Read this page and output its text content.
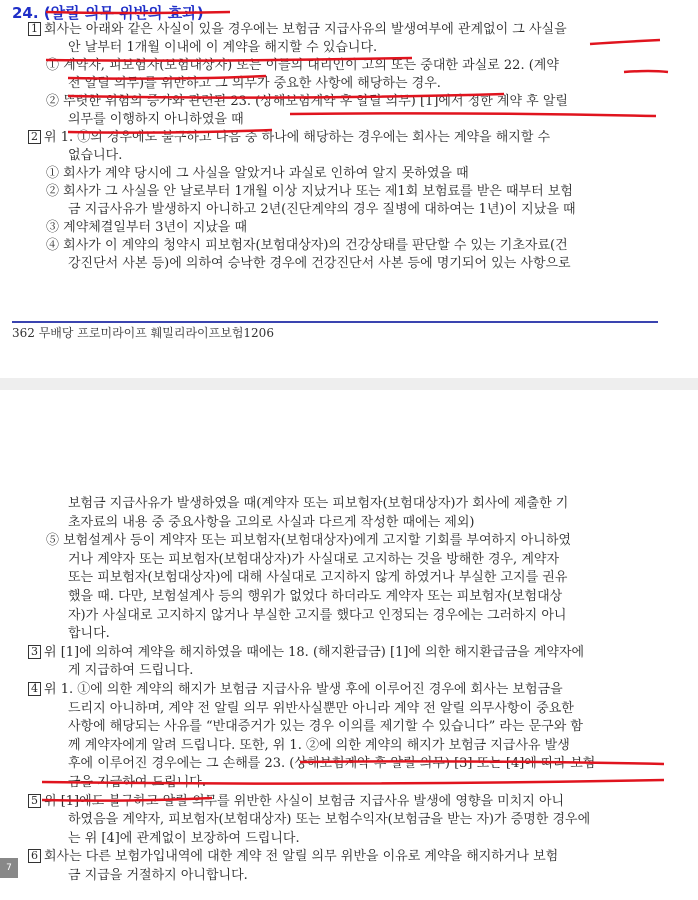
24. (알릴 의무 위반의 효과)
1 회사는 아래와 같은 사실이 있을 경우에는 보험금 지급사유의 발생여부에 관계없이 그 사실을
안 날부터 1개월 이내에 이 계약을 해지할 수 있습니다.
① 계약자, 피보험자(보험대상자) 또는 이들의 대리인이 고의 또는 중대한 과실로 22. (계약
전 알릴 의무)를 위반하고 그 의무가 중요한 사항에 해당하는 경우.
② 뚜렷한 위험의 증가와 관련된 23. (상해보험계약 후 알릴 의무) [1]에서 정한 계약 후 알릴
의무를 이행하지 아니하였을 때
2 위 1. ①의 경우에도 불구하고 다음 중 하나에 해당하는 경우에는 회사는 계약을 해지할 수
없습니다.
① 회사가 계약 당시에 그 사실을 알았거나 과실로 인하여 알지 못하였을 때
② 회사가 그 사실을 안 날로부터 1개월 이상 지났거나 또는 제1회 보험료를 받은 때부터 보험
금 지급사유가 발생하지 아니하고 2년(진단계약의 경우 질병에 대하여는 1년)이 지났을 때
③ 계약체결일부터 3년이 지났을 때
④ 회사가 이 계약의 청약시 피보험자(보험대상자)의 건강상태를 판단할 수 있는 기초자료(건
강진단서 사본 등)에 의하여 승낙한 경우에 건강진단서 사본 등에 명기되어 있는 사항으로
362 무배당 프로미라이프 훼밀리라이프보험1206
보험금 지급사유가 발생하였을 때(계약자 또는 피보험자(보험대상자)가 회사에 제출한 기
초자료의 내용 중 중요사항을 고의로 사실과 다르게 작성한 때에는 제외)
⑤ 보험설계사 등이 계약자 또는 피보험자(보험대상자)에게 고지할 기회를 부여하지 아니하였
거나 계약자 또는 피보험자(보험대상자)가 사실대로 고지하는 것을 방해한 경우, 계약자
또는 피보험자(보험대상자)에 대해 사실대로 고지하지 않게 하였거나 부실한 고지를 권유
했을 때. 다만, 보험설계사 등의 행위가 없었다 하더라도 계약자 또는 피보험자(보험대상
자)가 사실대로 고지하지 않거나 부실한 고지를 했다고 인정되는 경우에는 그러하지 아니
합니다.
3 위 [1]에 의하여 계약을 해지하였을 때에는 18. (해지환급금) [1]에 의한 해지환급금을 계약자에
게 지급하여 드립니다.
4 위 1. ①에 의한 계약의 해지가 보험금 지급사유 발생 후에 이루어진 경우에 회사는 보험금을
드리지 아니하며, 계약 전 알릴 의무 위반사실뿐만 아니라 계약 전 알릴 의무사항이 중요한
사항에 해당되는 사유를 “반대증거가 있는 경우 이의를 제기할 수 있습니다” 라는 문구와 함
께 계약자에게 알려 드립니다. 또한, 위 1. ②에 의한 계약의 해지가 보험금 지급사유 발생
후에 이루어진 경우에는 그 손해를 23. (상해보험계약 후 알릴 의무) [3] 또는 [4]에 따라 보험
금을 지급하여 드립니다.
5 위 [1]에도 불구하고 알릴 의무를 위반한 사실이 보험금 지급사유 발생에 영향을 미치지 아니
하였음을 계약자, 피보험자(보험대상자) 또는 보험수익자(보험금을 받는 자)가 증명한 경우에
는 위 [4]에 관계없이 보장하여 드립니다.
6 회사는 다른 보험가입내역에 대한 계약 전 알릴 의무 위반을 이유로 계약을 해지하거나 보험
금 지급을 거절하지 아니합니다.
7 cm
